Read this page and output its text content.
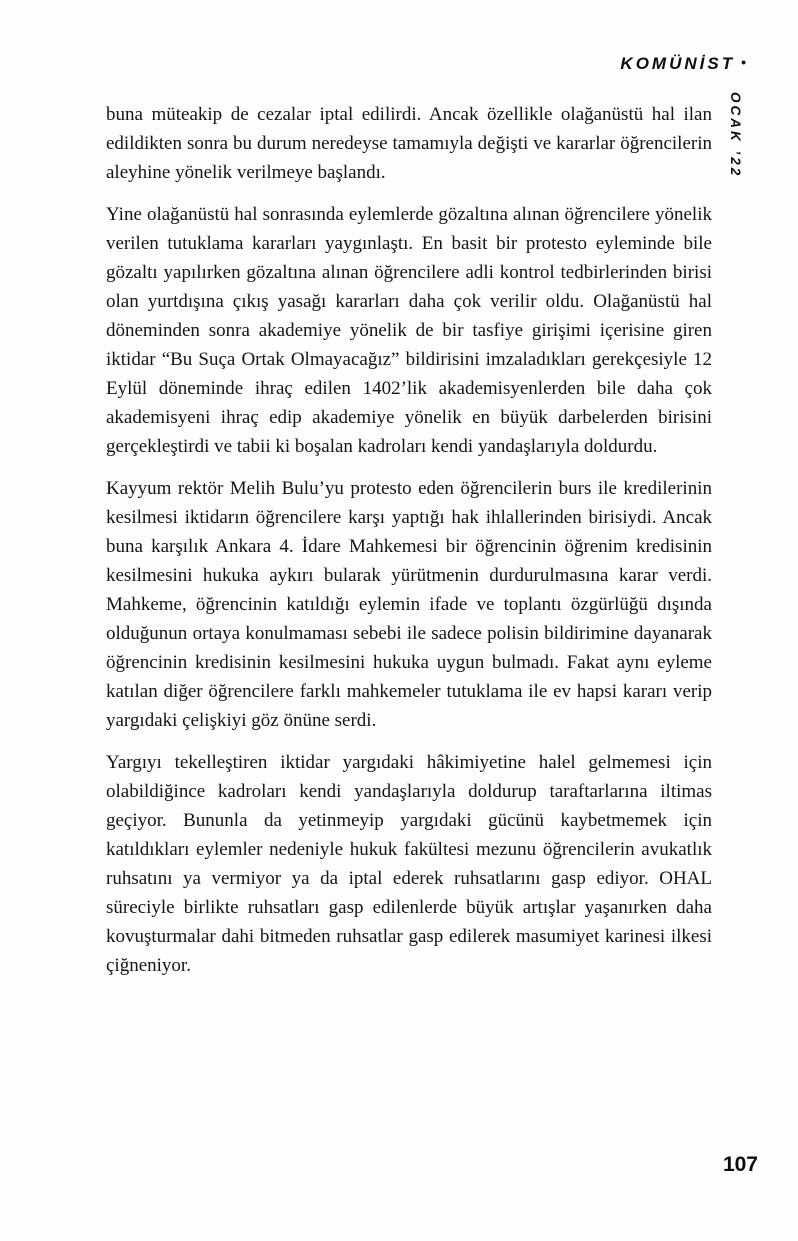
KOMÜNİST •
OCAK ’22

buna müteakip de cezalar iptal edilirdi. Ancak özellikle olağanüstü hal ilan edildikten sonra bu durum neredeyse tamamıyla değişti ve kararlar öğrencilerin aleyhine yönelik verilmeye başlandı.

Yine olağanüstü hal sonrasında eylemlerde gözaltına alınan öğrencilere yönelik verilen tutuklama kararları yaygınlaştı. En basit bir protesto eyleminde bile gözaltı yapılırken gözaltına alınan öğrencilere adli kontrol tedbirlerinden birisi olan yurtdışına çıkış yasağı kararları daha çok verilir oldu. Olağanüstü hal döneminden sonra akademiye yönelik de bir tasfiye girişimi içerisine giren iktidar “Bu Suça Ortak Olmayacağız” bildirisini imzaladıkları gerekçesiyle 12 Eylül döneminde ihraç edilen 1402’lik akademisyenlerden bile daha çok akademisyeni ihraç edip akademiye yönelik en büyük darbelerden birisini gerçekleştirdi ve tabii ki boşalan kadroları kendi yandaşlarıyla doldurdu.

Kayyum rektör Melih Bulu’yu protesto eden öğrencilerin burs ile kredilerinin kesilmesi iktidarın öğrencilere karşı yaptığı hak ihlallerinden birisiydi. Ancak buna karşılık Ankara 4. İdare Mahkemesi bir öğrencinin öğrenim kredisinin kesilmesini hukuka aykırı bularak yürütmenin durdurulmasına karar verdi. Mahkeme, öğrencinin katıldığı eylemin ifade ve toplantı özgürlüğü dışında olduğunun ortaya konulmaması sebebi ile sadece polisin bildirimine dayanarak öğrencinin kredisinin kesilmesini hukuka uygun bulmadı. Fakat aynı eyleme katılan diğer öğrencilere farklı mahkemeler tutuklama ile ev hapsi kararı verip yargıdaki çelişkiyi göz önüne serdi.

Yargıyı tekelleştiren iktidar yargıdaki hâkimiyetine halel gelmemesi için olabildiğince kadroları kendi yandaşlarıyla doldurup taraftarlarına iltimas geçiyor. Bununla da yetinmeyip yargıdaki gücünü kaybetmemek için katıldıkları eylemler nedeniyle hukuk fakültesi mezunu öğrencilerin avukatlık ruhsatını ya vermiyor ya da iptal ederek ruhsatlarını gasp ediyor. OHAL süreciyle birlikte ruhsatları gasp edilenlerde büyük artışlar yaşanırken daha kovuşturmalar dahi bitmeden ruhsatlar gasp edilerek masumiyet karinesi ilkesi çiğneniyor.

107
